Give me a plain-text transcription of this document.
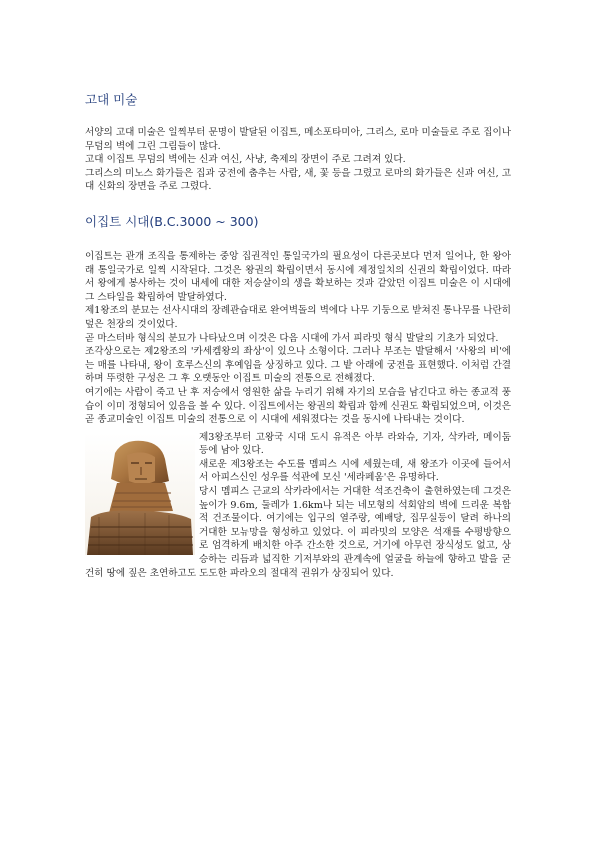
고대 미술

서양의 고대 미술은 일찍부터 문명이 발달된 이집트, 메소포타미아, 그리스, 로마 미술들로 주로 집이나 무덤의 벽에 그린 그림들이 많다.

고대 이집트 무덤의 벽에는 신과 여신, 사냥, 축제의 장면이 주로 그려져 있다.

그리스의 미노스 화가들은 집과 궁전에 춤추는 사람, 새, 꽃 등을 그렸고 로마의 화가들은 신과 여신, 고대 신화의 장면을 주로 그렸다.

이집트 시대(B.C.3000 ~ 300)

이집트는 관개 조직을 통제하는 중앙 집권적인 통일국가의 필요성이 다른곳보다 먼저 일어나, 한 왕아래 통일국가로 일찍 시작된다. 그것은 왕권의 확립이면서 동시에 제정일치의 신권의 확립이었다. 따라서 왕에게 봉사하는 것이 내세에 대한 저승살이의 생을 확보하는 것과 같았던 이집트 미술은 이 시대에 그 스타일을 확립하여 발달하였다.

제1왕조의 분묘는 선사시대의 장례관습대로 완여벽돌의 벽에다 나무 기둥으로 받쳐진 통나무를 나란히 덮은 천장의 것이었다.

곧 마스터바 형식의 분묘가 나타났으며 이것은 다음 시대에 가서 피라밋 형식 발달의 기초가 되었다.

조각상으로는 제2왕조의 '카세켐왕의 좌상'이 있으나 소형이다. 그러나 부조는 발달해서 '사왕의 비'에는 매를 나타내, 왕이 호루스신의 후예임을 상징하고 있다. 그 밭 아래에 궁전을 표현했다. 이처럼 간결하며 뚜렷한 구성은 그 후 오랫동안 이집트 미술의 전통으로 전해졌다.

여기에는 사람이 죽고 난 후 저승에서 영원한 삶을 누리기 위해 자기의 모습을 남긴다고 하는 종교적 풍습이 이미 정형되어 있음을 볼 수 있다. 이집트에서는 왕권의 확립과 함께 신권도 확립되었으며, 이것은 곧 종교미술인 이집트 미술의 전통으로 이 시대에 세워졌다는 것을 동시에 나타내는 것이다.

제3왕조부터 고왕국 시대 도시 유적은 아부 라와슈, 기자, 삭카라, 메이둠 등에 남아 있다.

새로운 제3왕조는 수도를 멤피스 시에 세웠는데, 새 왕조가 이곳에 들어서서 아피스신인 성우를 석관에 모신 '세라페움'은 유명하다.

당시 멤피스 근교의 삭카라에서는 거대한 석조건축이 출현하였는데 그것은 높이가 9.6m, 둘레가 1.6km나 되는 네모형의 석회암의 벽에 드리운 복합적 건조물이다. 여기에는 입구의 열주랑, 예배당, 집무실등이 달려 하나의 거대한 모뉴망을 형성하고 있었다. 이 피라밋의 모양은 석재를 수평방향으로 엄격하게 배치한 아주 간소한 것으로, 거기에 아무런 장식성도 없고, 상승하는 리듬과 넓직한 기저부와의 관계속에 얼굴을 하늘에 향하고 발을 굳건히 땅에 짚은 초연하고도 도도한 파라오의 절대적 권위가 상징되어 있다.
